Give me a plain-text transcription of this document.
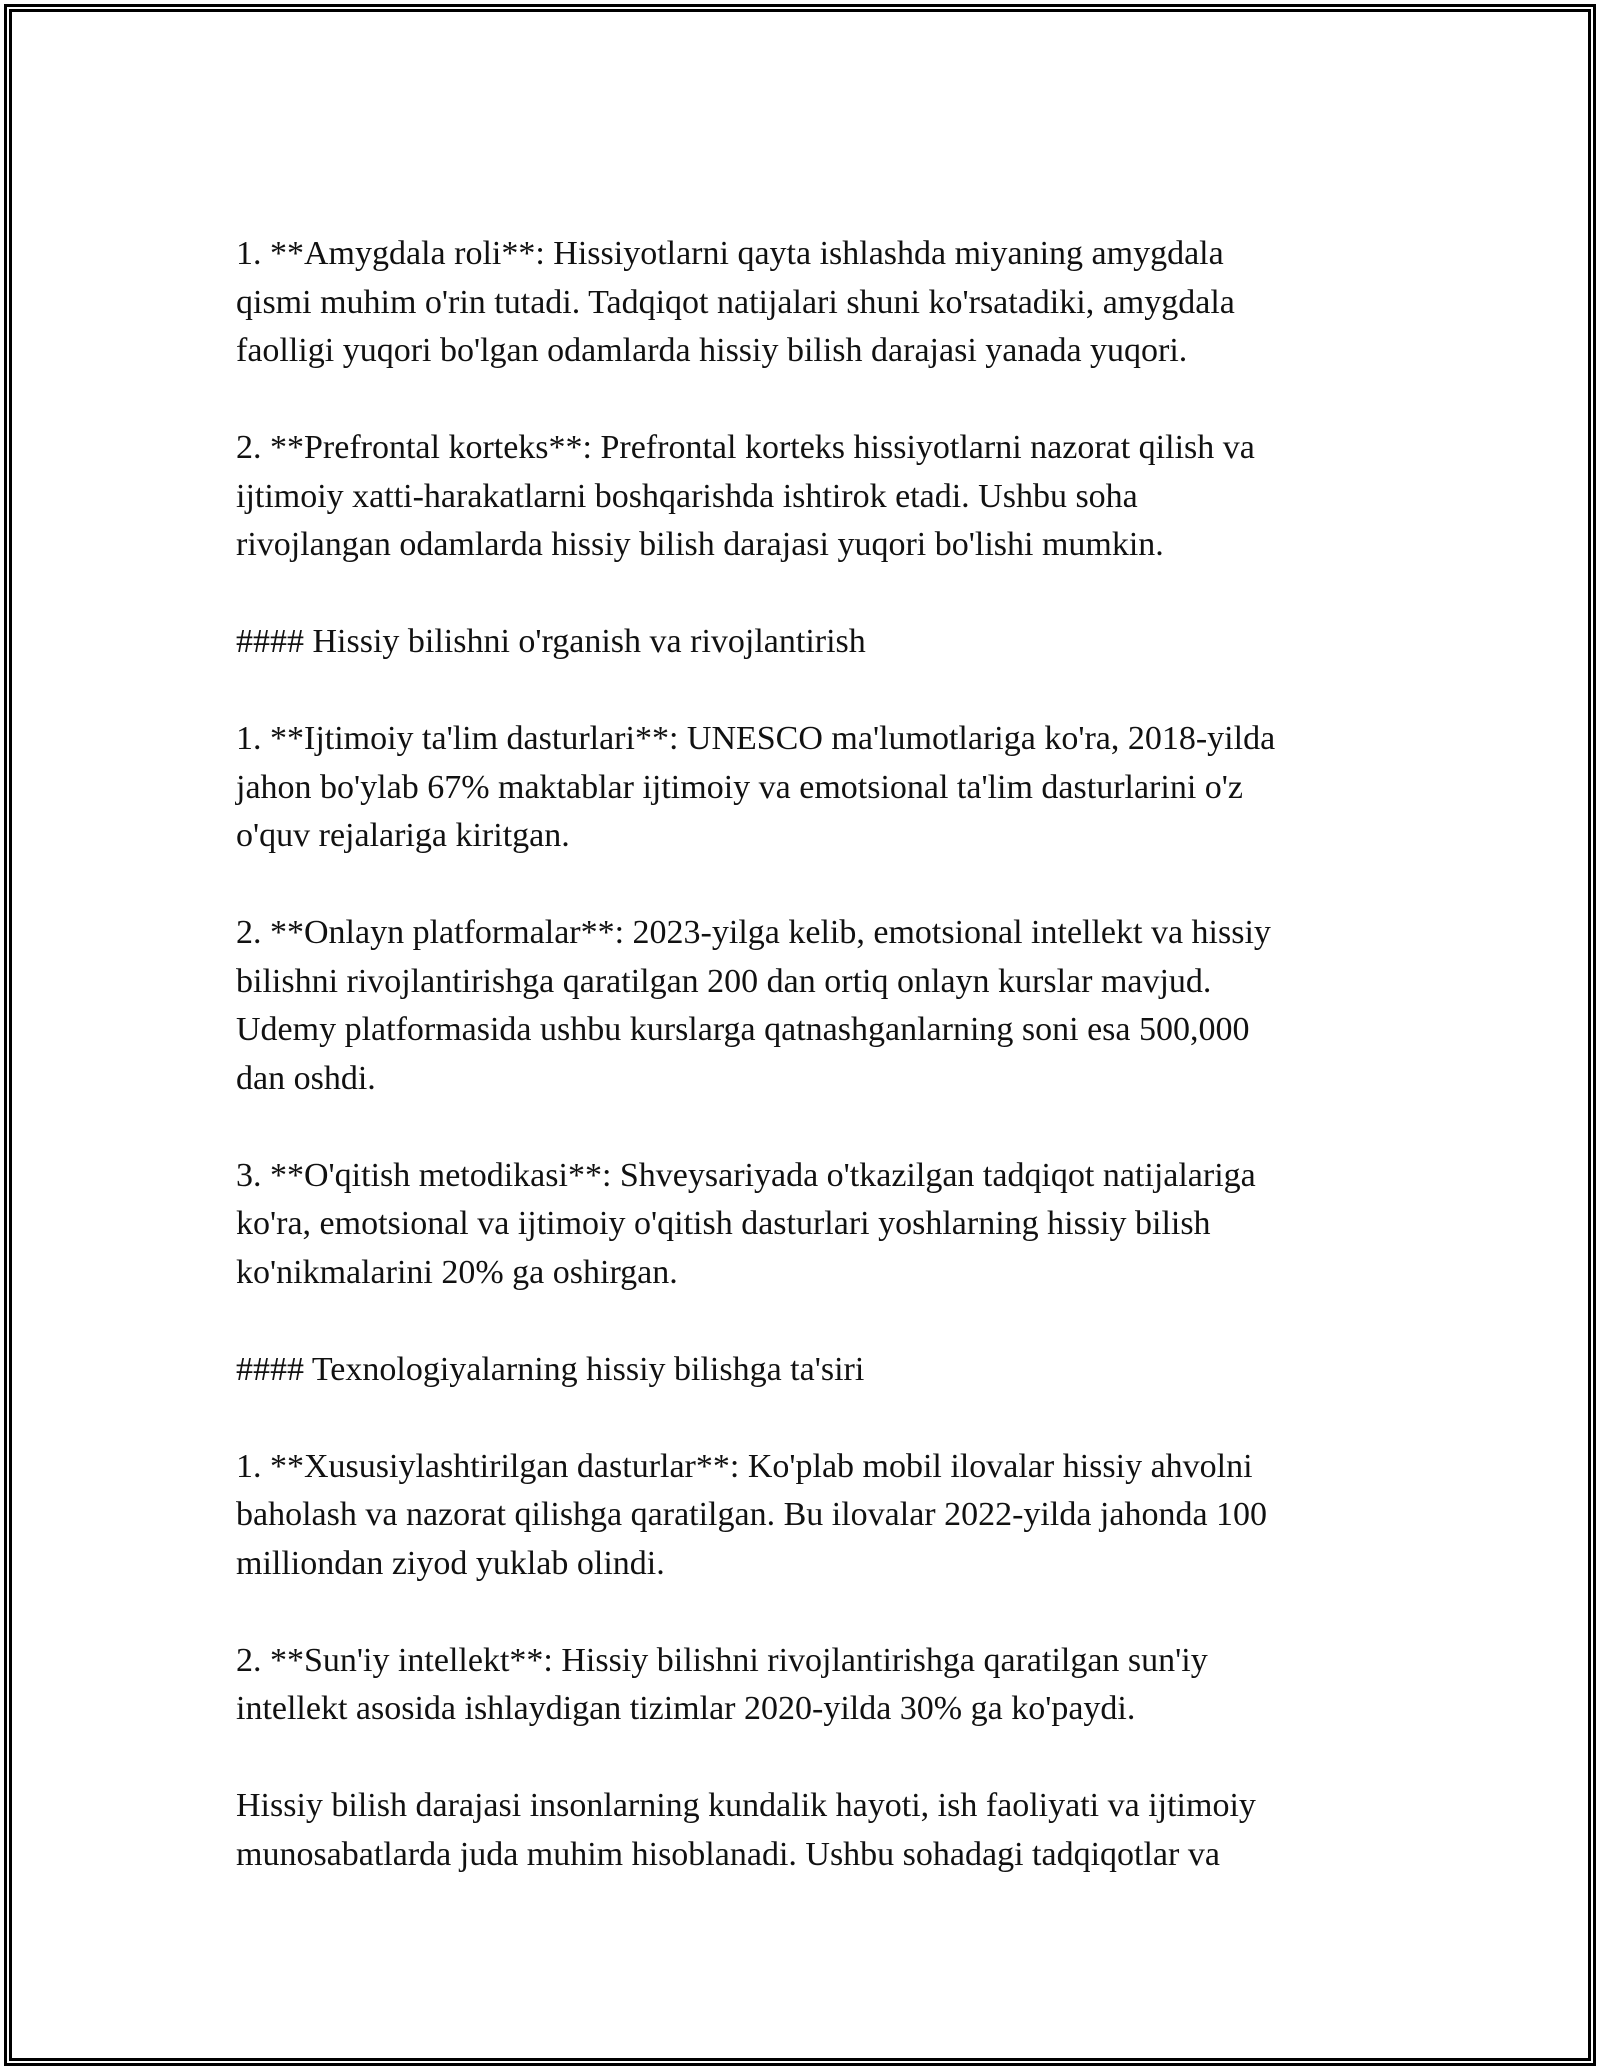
1. **Amygdala roli**: Hissiyotlarni qayta ishlashda miyaning amygdala
qismi muhim o'rin tutadi. Tadqiqot natijalari shuni ko'rsatadiki, amygdala
faolligi yuqori bo'lgan odamlarda hissiy bilish darajasi yanada yuqori.

2. **Prefrontal korteks**: Prefrontal korteks hissiyotlarni nazorat qilish va
ijtimoiy xatti-harakatlarni boshqarishda ishtirok etadi. Ushbu soha
rivojlangan odamlarda hissiy bilish darajasi yuqori bo'lishi mumkin.

#### Hissiy bilishni o'rganish va rivojlantirish

1. **Ijtimoiy ta'lim dasturlari**: UNESCO ma'lumotlariga ko'ra, 2018-yilda
jahon bo'ylab 67% maktablar ijtimoiy va emotsional ta'lim dasturlarini o'z
o'quv rejalariga kiritgan.

2. **Onlayn platformalar**: 2023-yilga kelib, emotsional intellekt va hissiy
bilishni rivojlantirishga qaratilgan 200 dan ortiq onlayn kurslar mavjud.
Udemy platformasida ushbu kurslarga qatnashganlarning soni esa 500,000
dan oshdi.

3. **O'qitish metodikasi**: Shveysariyada o'tkazilgan tadqiqot natijalariga
ko'ra, emotsional va ijtimoiy o'qitish dasturlari yoshlarning hissiy bilish
ko'nikmalarini 20% ga oshirgan.

#### Texnologiyalarning hissiy bilishga ta'siri

1. **Xususiylashtirilgan dasturlar**: Ko'plab mobil ilovalar hissiy ahvolni
baholash va nazorat qilishga qaratilgan. Bu ilovalar 2022-yilda jahonda 100
milliondan ziyod yuklab olindi.

2. **Sun'iy intellekt**: Hissiy bilishni rivojlantirishga qaratilgan sun'iy
intellekt asosida ishlaydigan tizimlar 2020-yilda 30% ga ko'paydi.

Hissiy bilish darajasi insonlarning kundalik hayoti, ish faoliyati va ijtimoiy
munosabatlarda juda muhim hisoblanadi. Ushbu sohadagi tadqiqotlar va
